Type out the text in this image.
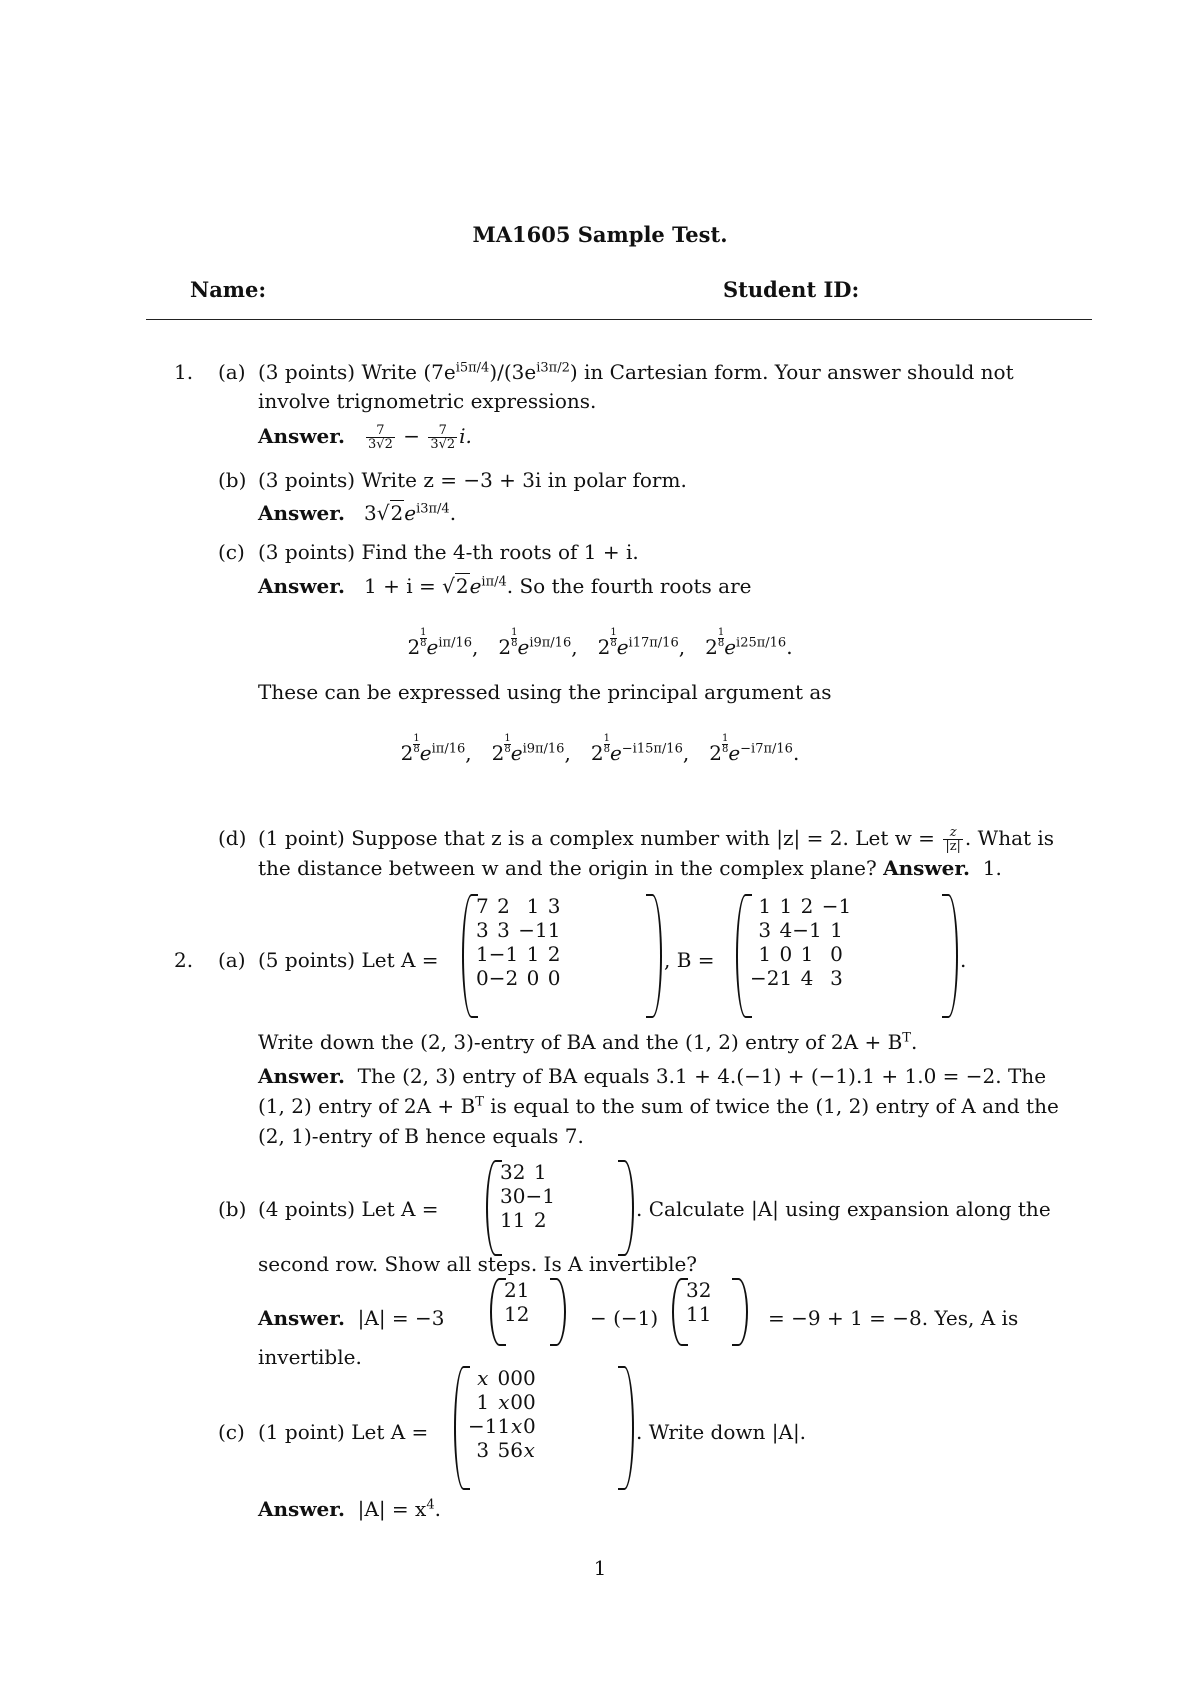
MA1605 Sample Test.
Name:	Student ID:
1. (a) (3 points) Write $(7e^{i5\pi/4})/(3e^{i3\pi/2})$ in Cartesian form. Your answer should not
involve trignometric expressions.
Answer. $\frac{7}{3√2} - \frac{7}{3√2} i$.
(b) (3 points) Write z = −3 + 3i in polar form.
Answer. $3√2e^{i3\pi/4}$.
(c) (3 points) Find the 4-th roots of 1 + i.
Answer. $1 + i = √2e^{i\pi/4}$. So the fourth roots are
$2 \frac{1}{8} e^{i\pi/16}$, $2 \frac{1}{8} e^{i9\pi/16}$, $2 \frac{1}{8} e^{i17\pi/16}$, $2 \frac{1}{8} e^{i25\pi/16}$.
These can be expressed using the principal argument as
$2 \frac{1}{8} e^{i\pi/16}$, $2 \frac{1}{8} e^{i9\pi/16}$, $2 \frac{1}{8} e^{-i15\pi/16}$, $2 \frac{1}{8} e^{-i7\pi/16}$.
(d) (1 point) Suppose that z is a complex number with |z| = 2. Let $w = \frac{z}{|z|}$ . What is
the distance between w and the origin in the complex plane? Answer. 1.
2. (a) (5 points) Let A =
7	2	1	3
3	3	−1	1
1	−1	1	2
0	−2	0	0
, B =
1	1	2	−1
3	4	−1	1
1	0	1	0
−2	1	4	3
.
Write down the (2, 3)-entry of BA and the (1, 2) entry of $2A + B^T$.
Answer. The (2, 3) entry of BA equals 3.1 + 4.(−1) + (−1).1 + 1.0 = −2. The
(1, 2) entry of $2A + B^T$ is equal to the sum of twice the (1, 2) entry of A and the
(2, 1)-entry of B hence equals 7.
(b) (4 points) Let A =
3	2	1
3	0	−1
1	1	2	. Calculate |A| using expansion along the
second row. Show all steps. Is A invertible?
Answer. |A| = −3
2	1
1	2	− (−1)
3	2
1	1	= −9 + 1 = −8. Yes, A is
invertible.
(c) (1 point) Let A =
x	0	0	0
1	x	0	0
−1	1	x	0
3	5	6	x
. Write down |A|.
Answer. $|A| = x^4$.
1
